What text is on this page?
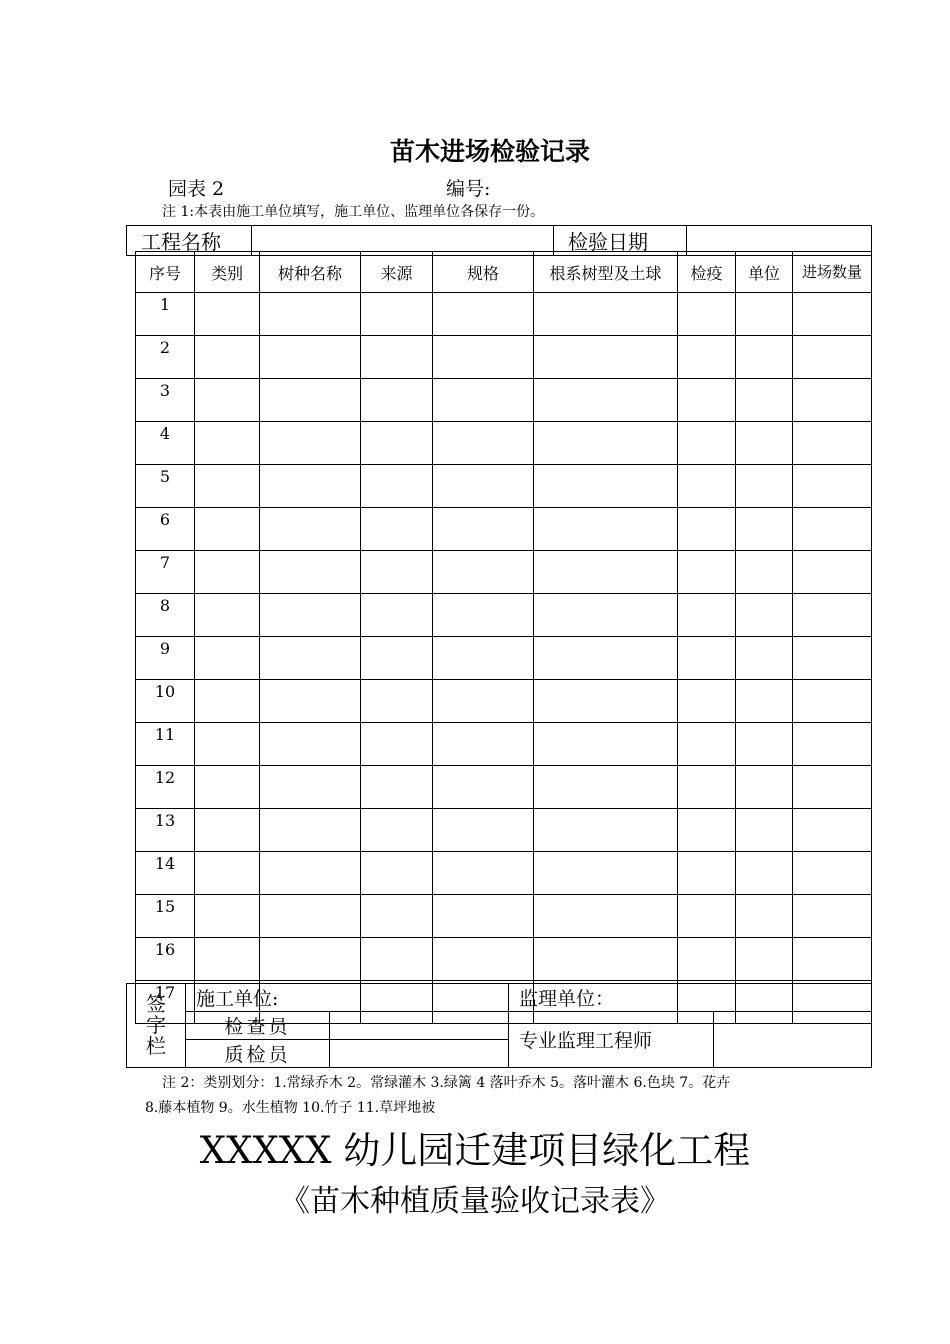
苗木进场检验记录
园表 2	编号:
注 1:本表由施工单位填写，施工单位、监理单位各保存一份。
工程名称		检验日期	
序号	类别	树种名称	来源	规格	根系树型及土球	检疫	单位	进场数量
1								
2								
3								
4								
5								
6								
7								
8								
9								
10								
11								
12								
13								
14								
15								
16								
17								
签字栏	施工单位:		监理单位：	
	检查员		专业监理工程师	
	质检员			
注 2：类别划分：1.常绿乔木 2。常绿灌木 3.绿篱 4 落叶乔木 5。落叶灌木 6.色块 7。花卉
8.藤本植物 9。水生植物 10.竹子 11.草坪地被
XXXXX 幼儿园迁建项目绿化工程
《苗木种植质量验收记录表》
